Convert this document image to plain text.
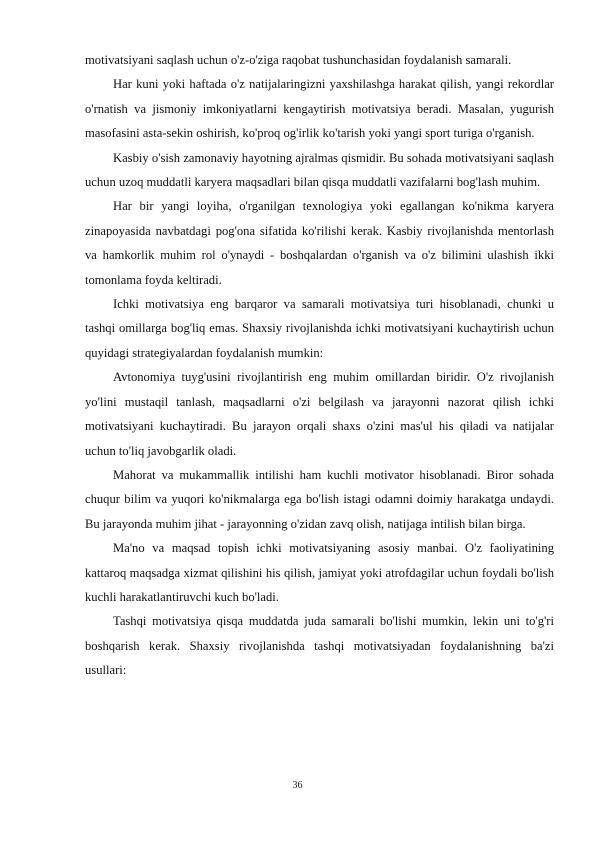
motivatsiyani saqlash uchun o'z-o'ziga raqobat tushunchasidan foydalanish samarali.

Har kuni yoki haftada o'z natijalaringizni yaxshilashga harakat qilish, yangi rekordlar o'rnatish va jismoniy imkoniyatlarni kengaytirish motivatsiya beradi. Masalan, yugurish masofasini asta-sekin oshirish, ko'proq og'irlik ko'tarish yoki yangi sport turiga o'rganish.

Kasbiy o'sish zamonaviy hayotning ajralmas qismidir. Bu sohada motivatsiyani saqlash uchun uzoq muddatli karyera maqsadlari bilan qisqa muddatli vazifalarni bog'lash muhim.

Har bir yangi loyiha, o'rganilgan texnologiya yoki egallangan ko'nikma karyera zinapoyasida navbatdagi pog'ona sifatida ko'rilishi kerak. Kasbiy rivojlanishda mentorlash va hamkorlik muhim rol o'ynaydi - boshqalardan o'rganish va o'z bilimini ulashish ikki tomonlama foyda keltiradi.

Ichki motivatsiya eng barqaror va samarali motivatsiya turi hisoblanadi, chunki u tashqi omillarga bog'liq emas. Shaxsiy rivojlanishda ichki motivatsiyani kuchaytirish uchun quyidagi strategiyalardan foydalanish mumkin:

Avtonomiya tuyg'usini rivojlantirish eng muhim omillardan biridir. O'z rivojlanish yo'lini mustaqil tanlash, maqsadlarni o'zi belgilash va jarayonni nazorat qilish ichki motivatsiyani kuchaytiradi. Bu jarayon orqali shaxs o'zini mas'ul his qiladi va natijalar uchun to'liq javobgarlik oladi.

Mahorat va mukammallik intilishi ham kuchli motivator hisoblanadi. Biror sohada chuqur bilim va yuqori ko'nikmalarga ega bo'lish istagi odamni doimiy harakatga undaydi. Bu jarayonda muhim jihat - jarayonning o'zidan zavq olish, natijaga intilish bilan birga.

Ma'no va maqsad topish ichki motivatsiyaning asosiy manbai. O'z faoliyatining kattaroq maqsadga xizmat qilishini his qilish, jamiyat yoki atrofdagilar uchun foydali bo'lish kuchli harakatlantiruvchi kuch bo'ladi.

Tashqi motivatsiya qisqa muddatda juda samarali bo'lishi mumkin, lekin uni to'g'ri boshqarish kerak. Shaxsiy rivojlanishda tashqi motivatsiyadan foydalanishning ba'zi usullari:

36
